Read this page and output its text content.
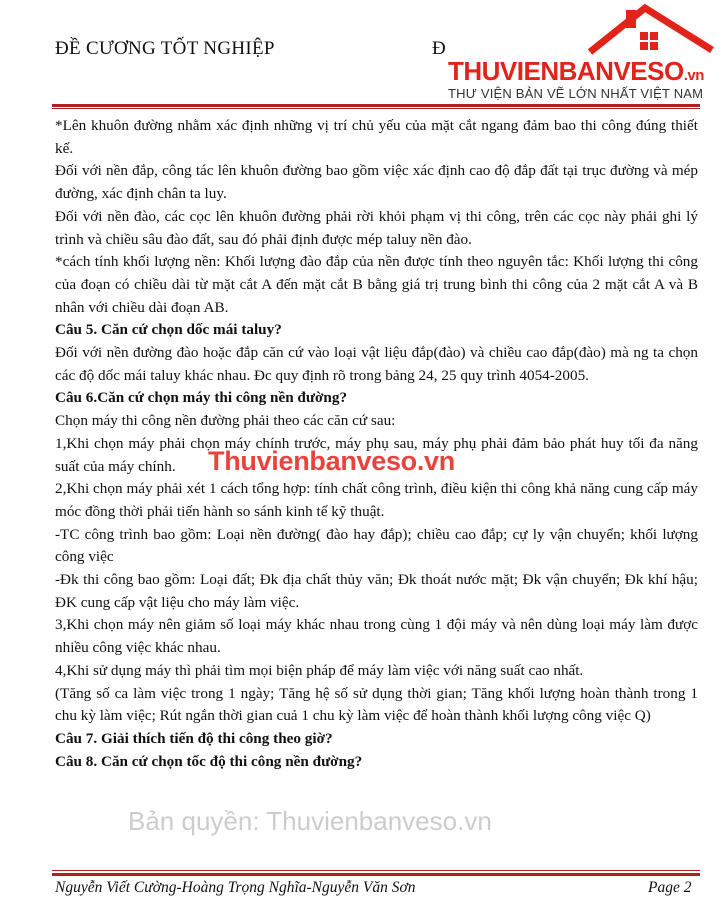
ĐỀ CƯƠNG TỐT NGHIỆP	Đ
THUVIENBANVESO.vn
THƯ VIỆN BẢN VẼ LỚN NHẤT VIỆT NAM

*Lên khuôn đường nhằm xác định những vị trí chủ yếu của mặt cắt ngang đảm bao thi công đúng thiết kế.

Đối với nền đắp, công tác lên khuôn đường bao gồm việc xác định cao độ đắp đất tại trục đường và mép đường, xác định chân ta luy.

Đối với nền đào, các cọc lên khuôn đường phải rời khỏi phạm vị thi công, trên các cọc này phải ghi lý trình và chiều sâu đào đất, sau đó phải định được mép taluy nền đào.

*cách tính khối lượng nền: Khối lượng đào đắp của nền được tính theo nguyên tắc: Khối lượng thi công của đoạn có chiều dài từ mặt cắt A đến mặt cắt B bằng giá trị trung bình thi công của 2 mặt cắt A và B nhân với chiều dài đoạn AB.

Câu 5. Căn cứ chọn dốc mái taluy?

Đối với nền đường đào hoặc đắp căn cứ vào loại vật liệu đắp(đào) và chiều cao đắp(đào) mà ng ta chọn các độ dốc mái taluy khác nhau. Đc quy định rõ trong bảng 24, 25 quy trình 4054-2005.

Câu 6.Căn cứ chọn máy thi công nền đường?

Chọn máy thi công nền đường phải theo các căn cứ sau:

1,Khi chọn máy phải chọn máy chính trước, máy phụ sau, máy phụ phải đảm bảo phát huy tối đa năng suất của máy chính.

2,Khi chọn máy phải xét 1 cách tổng hợp: tính chất công trình, điều kiện thi công khả năng cung cấp máy móc đồng thời phải tiến hành so sánh kinh tế kỹ thuật.

-TC công trình bao gồm: Loại nền đường( đào hay đắp); chiều cao đắp; cự ly vận chuyển; khối lượng công việc

-Đk thi công bao gồm: Loại đất; Đk địa chất thủy văn; Đk thoát nước mặt; Đk vận chuyển; Đk khí hậu; ĐK cung cấp vật liệu cho máy làm việc.

3,Khi chọn máy nên giảm số loại máy khác nhau trong cùng 1 đội máy và nên dùng loại máy làm được nhiều công việc khác nhau.

4,Khi sử dụng máy thì phải tìm mọi biện pháp để máy làm việc với năng suất cao nhất.

(Tăng số ca làm việc trong 1 ngày; Tăng hệ số sử dụng thời gian; Tăng khối lượng hoàn thành trong 1 chu kỳ làm việc; Rút ngắn thời gian cuả 1 chu kỳ làm việc để hoàn thành khối lượng công việc Q)

Câu 7. Giải thích tiến độ thi công theo giờ?

Câu 8. Căn cứ chọn tốc độ thi công nền đường?

Thuvienbanveso.vn
Bản quyền: Thuvienbanveso.vn
Nguyễn Viết Cường-Hoàng Trọng Nghĩa-Nguyễn Văn Sơn	Page 2
